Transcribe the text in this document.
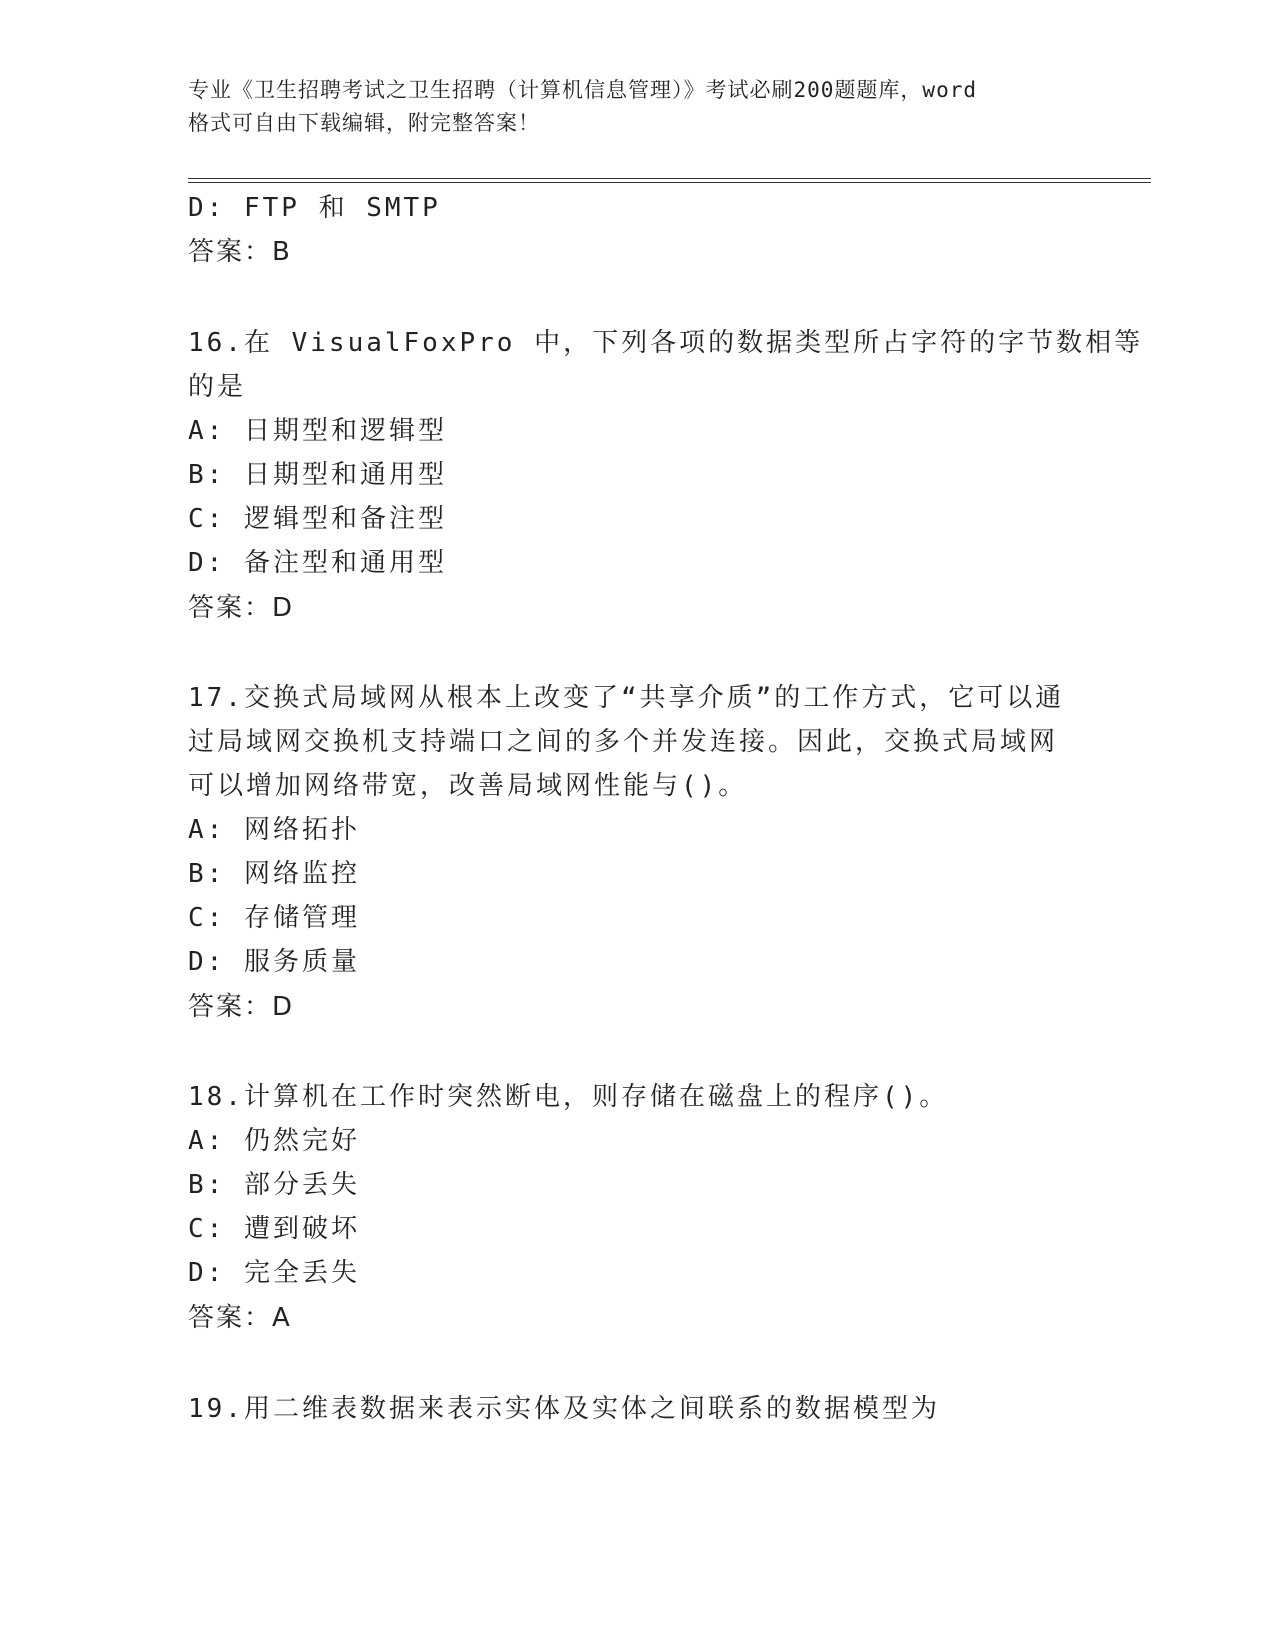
专业《卫生招聘考试之卫生招聘（计算机信息管理）》考试必刷200题题库，word
格式可自由下载编辑，附完整答案！
D: FTP 和 SMTP
答案：B
16.在 VisualFoxPro 中，下列各项的数据类型所占字符的字节数相等
的是
A: 日期型和逻辑型
B: 日期型和通用型
C: 逻辑型和备注型
D: 备注型和通用型
答案：D
17.交换式局域网从根本上改变了“共享介质”的工作方式，它可以通
过局域网交换机支持端口之间的多个并发连接。因此，交换式局域网
可以增加网络带宽，改善局域网性能与()。
A: 网络拓扑
B: 网络监控
C: 存储管理
D: 服务质量
答案：D
18.计算机在工作时突然断电，则存储在磁盘上的程序()。
A: 仍然完好
B: 部分丢失
C: 遭到破坏
D: 完全丢失
答案：A
19.用二维表数据来表示实体及实体之间联系的数据模型为
